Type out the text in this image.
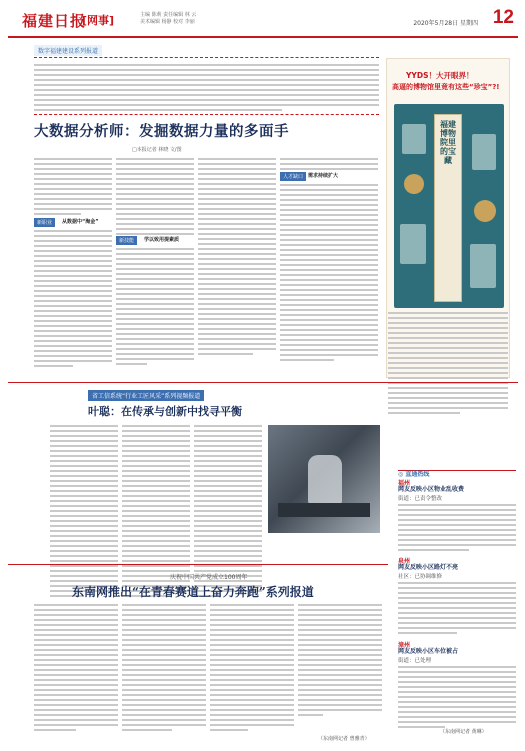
福建日报
[网事]	主编 陈莉 责任编辑 林 云
美术编辑 杨静 校对 李丽	2020年5月28日 星期四 12
数字福建建设系列报道
大数据分析师：发掘数据力量的多面手
□本报记者 林晓 文/图
新职业	从数据中“淘金”
新技能	学以致用提素质
人才缺口 需求持续扩大
YYDS！大开眼界！
高逼的博物馆里竟有这些“珍宝”?!
福建博物院里的宝藏
省工信系统“行业工匠风采”系列视频报道
叶聪：在传承与创新中找寻平衡
◎ 直通热线
福州
网友反映小区物业乱收费
街道：已责令整改
泉州
网友反映小区路灯不亮
社区：已协调维修
漳州
网友反映小区车位被占
街道：已处理
（东南网记者 黄琳）
庆祝中国共产党成立100周年
东南网推出“在青春赛道上奋力奔跑”系列报道
（东南网记者 曾雅青）
